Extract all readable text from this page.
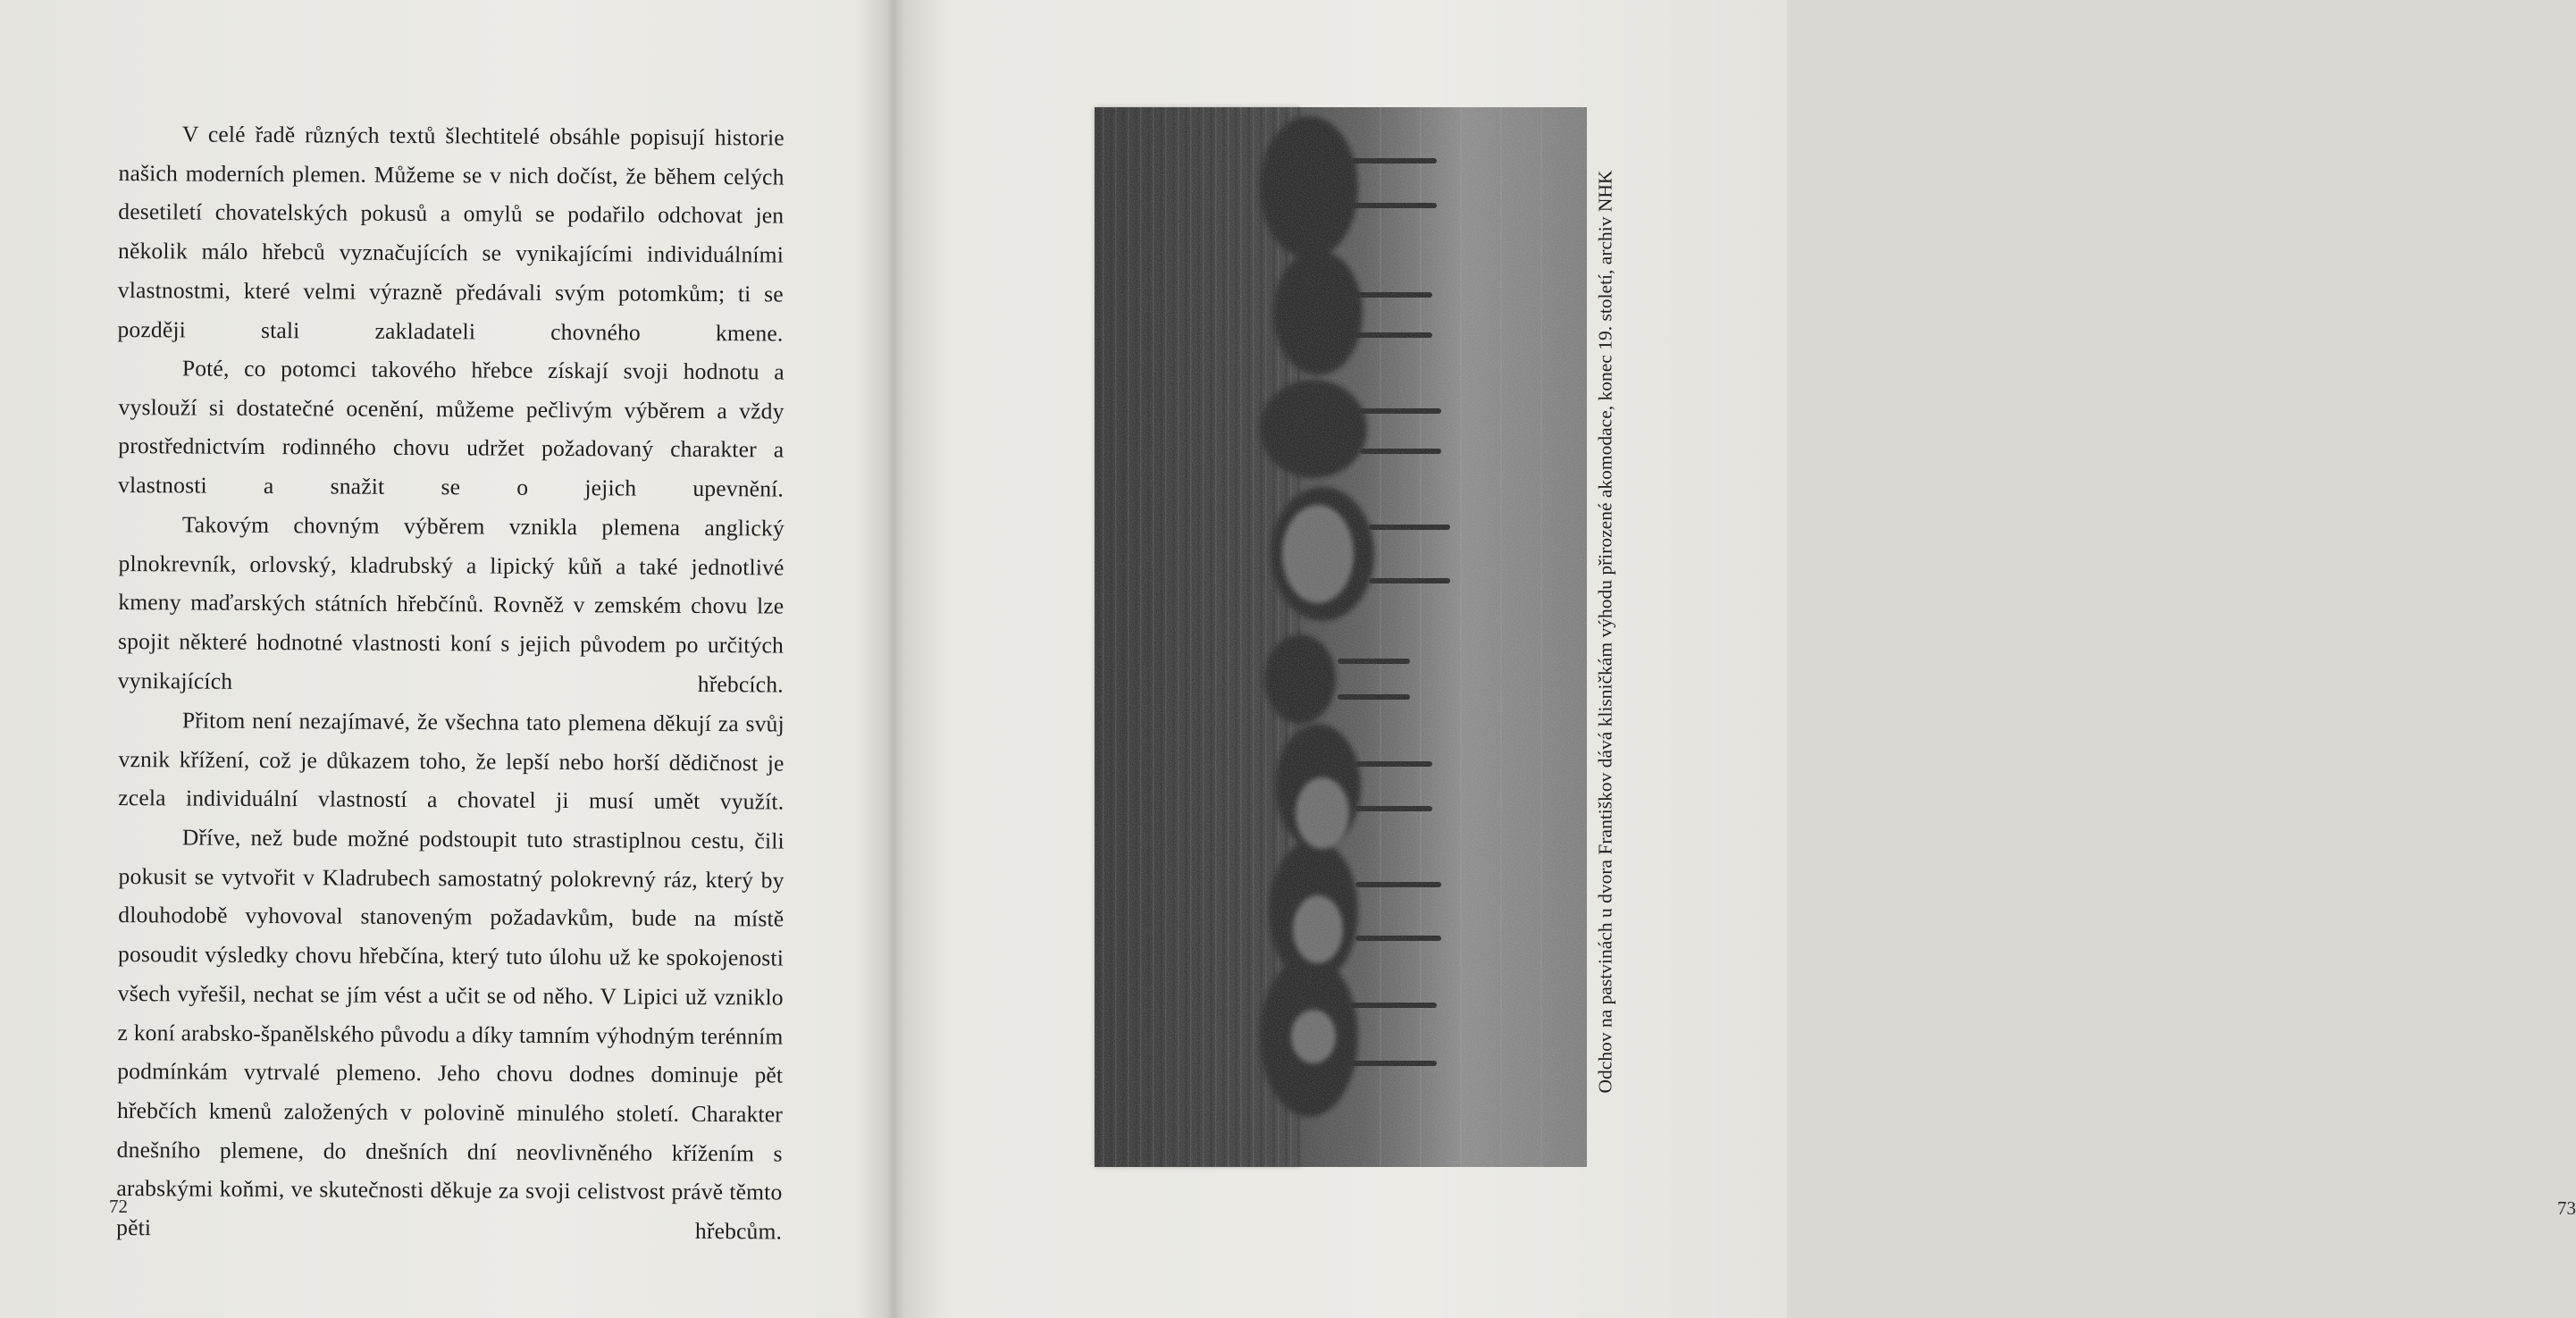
V celé řadě různých textů šlechtitelé obsáhle popisují historie našich moderních plemen. Můžeme se v nich dočíst, že během celých desetiletí chovatelských pokusů a omylů se podařilo odchovat jen několik málo hřebců vyznačujících se vynikajícími individuálními vlastnostmi, které velmi výrazně předávali svým potomkům; ti se později stali zakladateli chovného kmene.

Poté, co potomci takového hřebce získají svoji hodnotu a vyslouží si dostatečné ocenění, můžeme pečlivým výběrem a vždy prostřednictvím rodinného chovu udržet požadovaný charakter a vlastnosti a snažit se o jejich upevnění.

Takovým chovným výběrem vznikla plemena anglický plnokrevník, orlovský, kladrubský a lipický kůň a také jednotlivé kmeny maďarských státních hřebčínů. Rovněž v zemském chovu lze spojit některé hodnotné vlastnosti koní s jejich původem po určitých vynikajících hřebcích.

Přitom není nezajímavé, že všechna tato plemena děkují za svůj vznik křížení, což je důkazem toho, že lepší nebo horší dědičnost je zcela individuální vlastností a chovatel ji musí umět využít.

Dříve, než bude možné podstoupit tuto strastiplnou cestu, čili pokusit se vytvořit v Kladrubech samostatný polokrevný ráz, který by dlouhodobě vyhovoval stanoveným požadavkům, bude na místě posoudit výsledky chovu hřebčína, který tuto úlohu už ke spokojenosti všech vyřešil, nechat se jím vést a učit se od něho. V Lipici už vzniklo z koní arabsko-španělského původu a díky tamním výhodným terénním podmínkám vytrvalé plemeno. Jeho chovu dodnes dominuje pět hřebčích kmenů založených v polovině minulého století. Charakter dnešního plemene, do dnešních dní neovlivněného křížením s arabskými koňmi, ve skutečnosti děkuje za svoji celistvost právě těmto pěti hřebcům.

72
Odchov na pastvinách u dvora Františkov dává klisničkám výhodu přirozené akomodace, konec 19. století, archiv NHK
73
